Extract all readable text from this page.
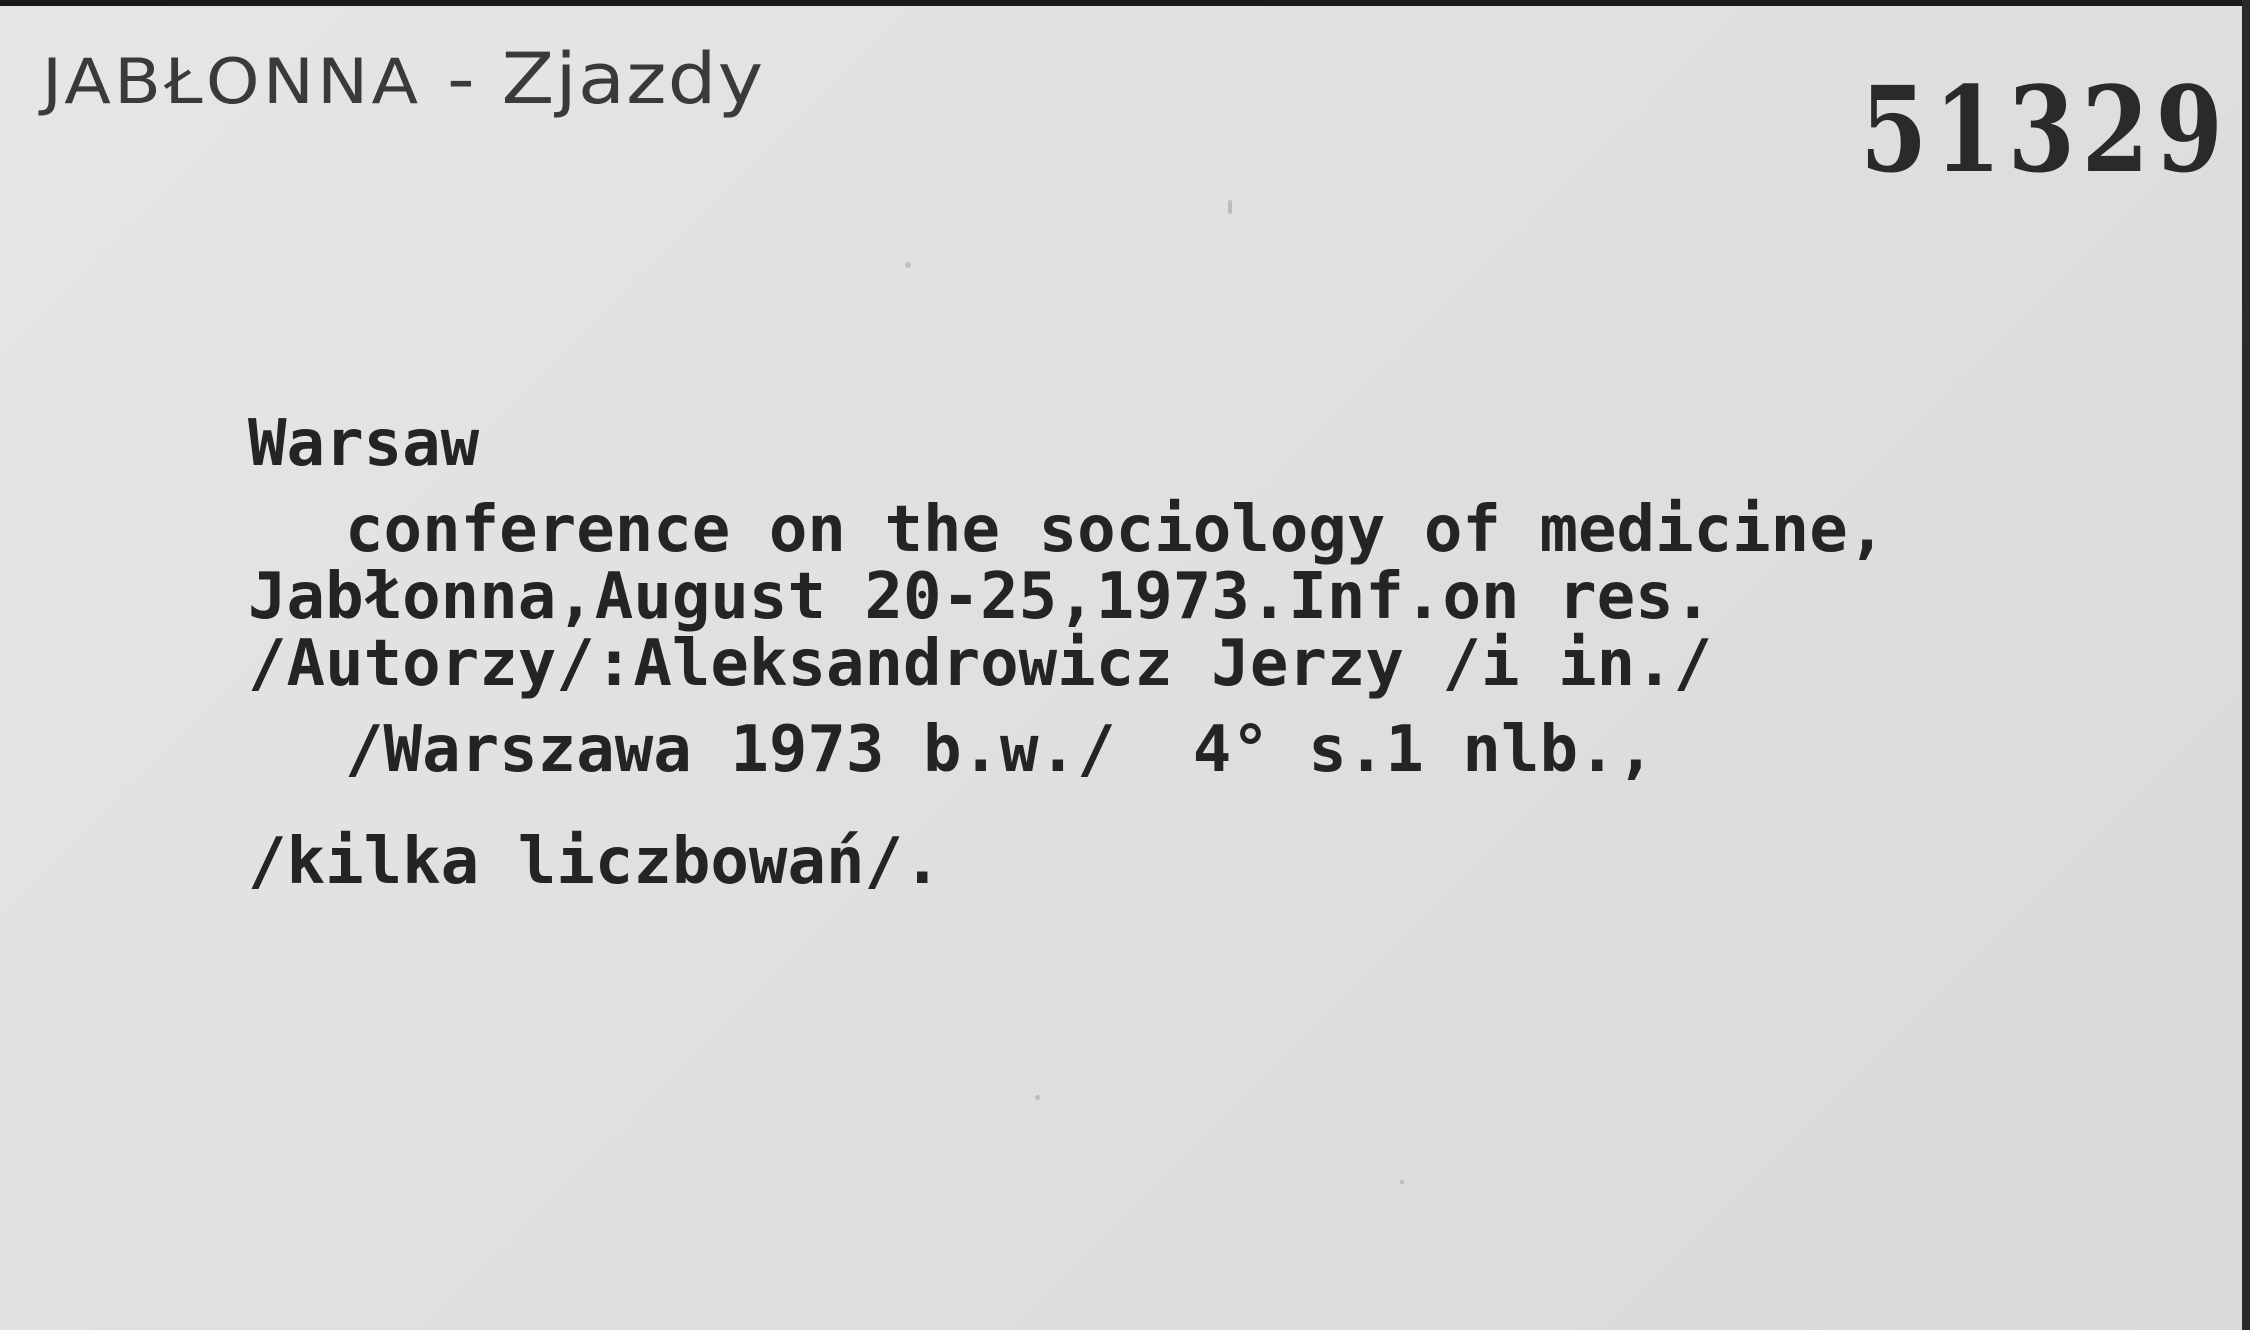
JABŁONNA - Zjazdy	51329
Warsaw
conference on the sociology of medicine,
Jabłonna,August 20-25,1973.Inf.on res.
/Autorzy/:Aleksandrowicz Jerzy /i in./
/Warszawa 1973 b.w./  4° s.1 nlb.,
/kilka liczbowań/.
